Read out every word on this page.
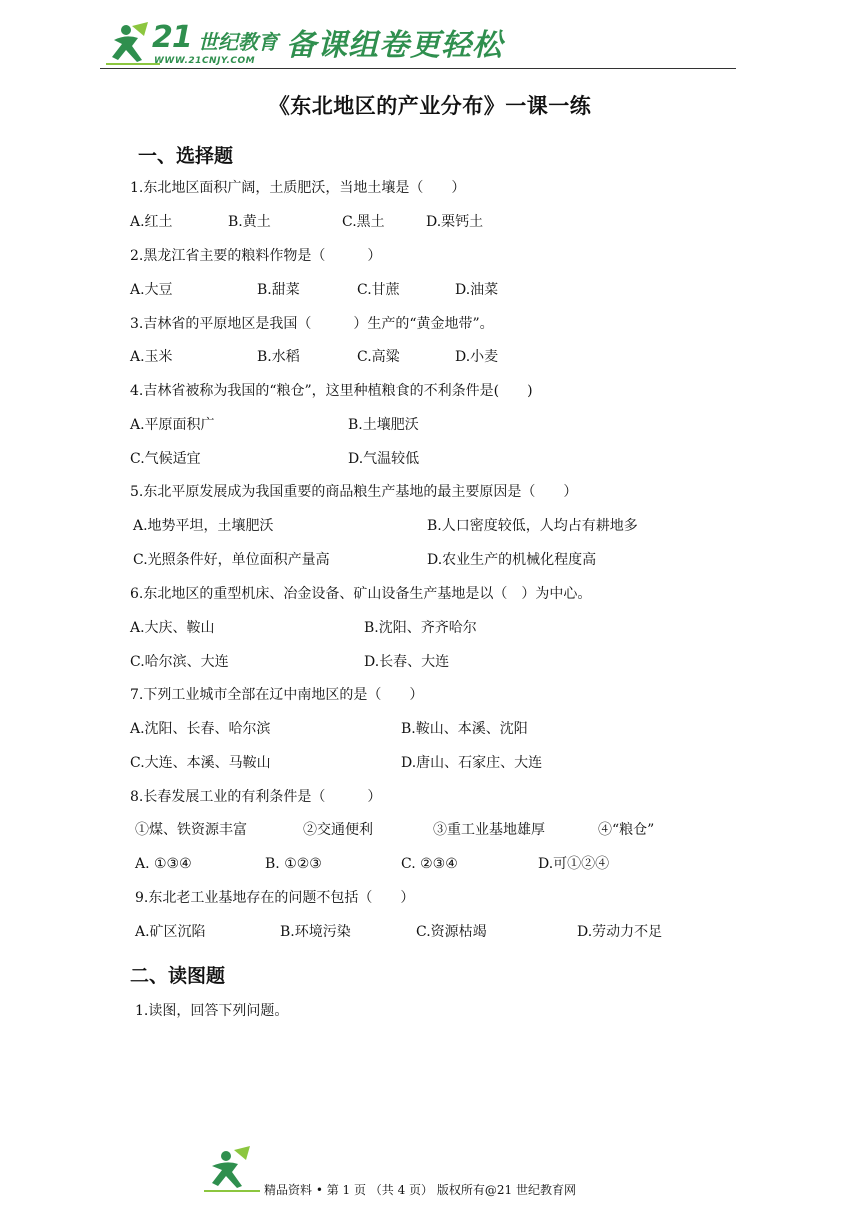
21 世纪教育
WWW.21CNJY.COM 备课组卷更轻松
《东北地区的产业分布》一课一练
一、选择题
1.东北地区面积广阔，土质肥沃，当地土壤是（　　）
A.红土	B.黄土	C.黑土	D.栗钙土
2.黑龙江省主要的粮料作物是（　　　）
A.大豆	B.甜菜	C.甘蔗	D.油菜
3.吉林省的平原地区是我国（　　　）生产的“黄金地带”。
A.玉米	B.水稻	C.高粱	D.小麦
4.吉林省被称为我国的“粮仓”，这里种植粮食的不利条件是(　　)
A.平原面积广	B.土壤肥沃
C.气候适宜	D.气温较低
5.东北平原发展成为我国重要的商品粮生产基地的最主要原因是（　　）
A.地势平坦，土壤肥沃	B.人口密度较低，人均占有耕地多
C.光照条件好，单位面积产量高	D.农业生产的机械化程度高
6.东北地区的重型机床、冶金设备、矿山设备生产基地是以（　）为中心。
A.大庆、鞍山	B.沈阳、齐齐哈尔
C.哈尔滨、大连	D.长春、大连
7.下列工业城市全部在辽中南地区的是（　　）
A.沈阳、长春、哈尔滨	B.鞍山、本溪、沈阳
C.大连、本溪、马鞍山	D.唐山、石家庄、大连
8.长春发展工业的有利条件是（　　　）
①煤、铁资源丰富	②交通便利	③重工业基地雄厚	④“粮仓”
A. ①③④	B. ①②③	C. ②③④	D.可①②④
9.东北老工业基地存在的问题不包括（　　）
A.矿区沉陷	B.环境污染	C.资源枯竭	D.劳动力不足
二、读图题
1.读图，回答下列问题。
精品资料 • 第 1 页 （共 4 页） 版权所有@21 世纪教育网
